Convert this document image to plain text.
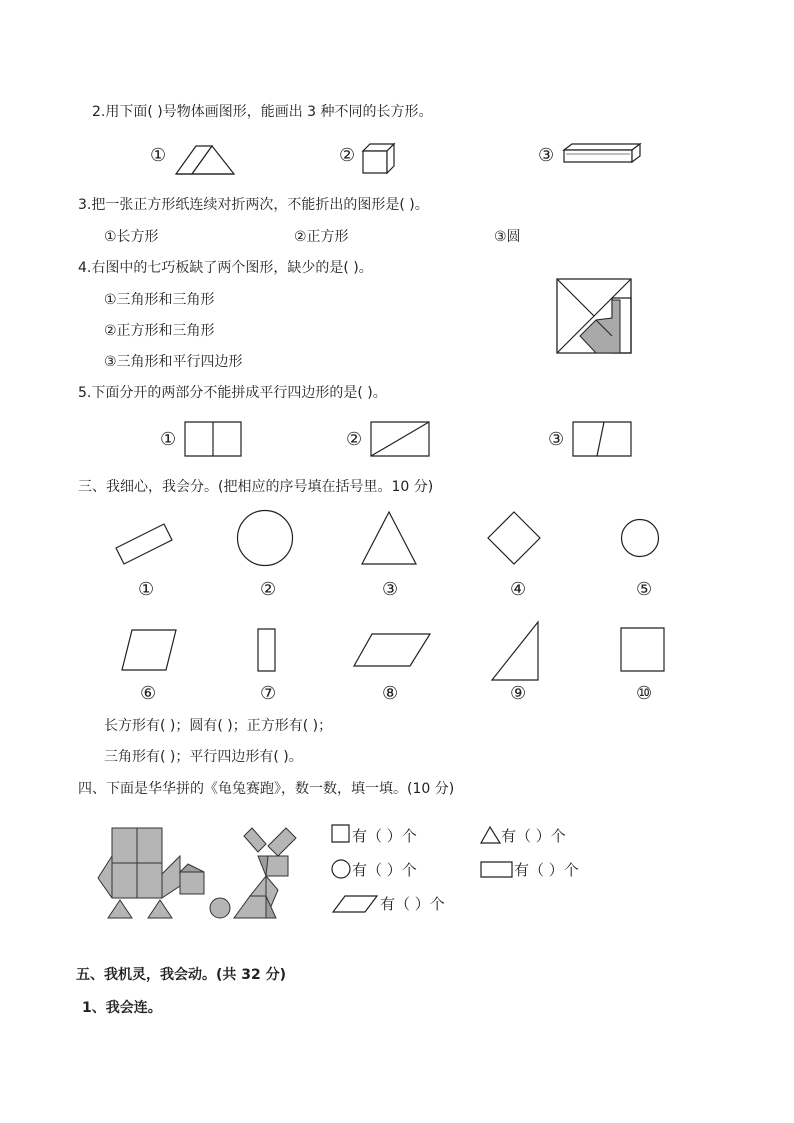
2.用下面( )号物体画图形，能画出 3 种不同的长方形。
①	②	③
3.把一张正方形纸连续对折两次，不能折出的图形是( )。
①长方形	②正方形	③圆
4.右图中的七巧板缺了两个图形，缺少的是( )。
①三角形和三角形
②正方形和三角形
③三角形和平行四边形
5.下面分开的两部分不能拼成平行四边形的是( )。
①	②	③
三、我细心，我会分。(把相应的序号填在括号里。10 分)
①	②	③	④	⑤
⑥	⑦	⑧	⑨	⑩
长方形有( )；圆有( )；正方形有( )；
三角形有( )；平行四边形有( )。
四、下面是华华拼的《龟兔赛跑》，数一数，填一填。(10 分)
有（ ）个	有（ ）个
有（ ）个	有（ ）个
有（ ）个
五、我机灵，我会动。(共 32 分)
1、我会连。
